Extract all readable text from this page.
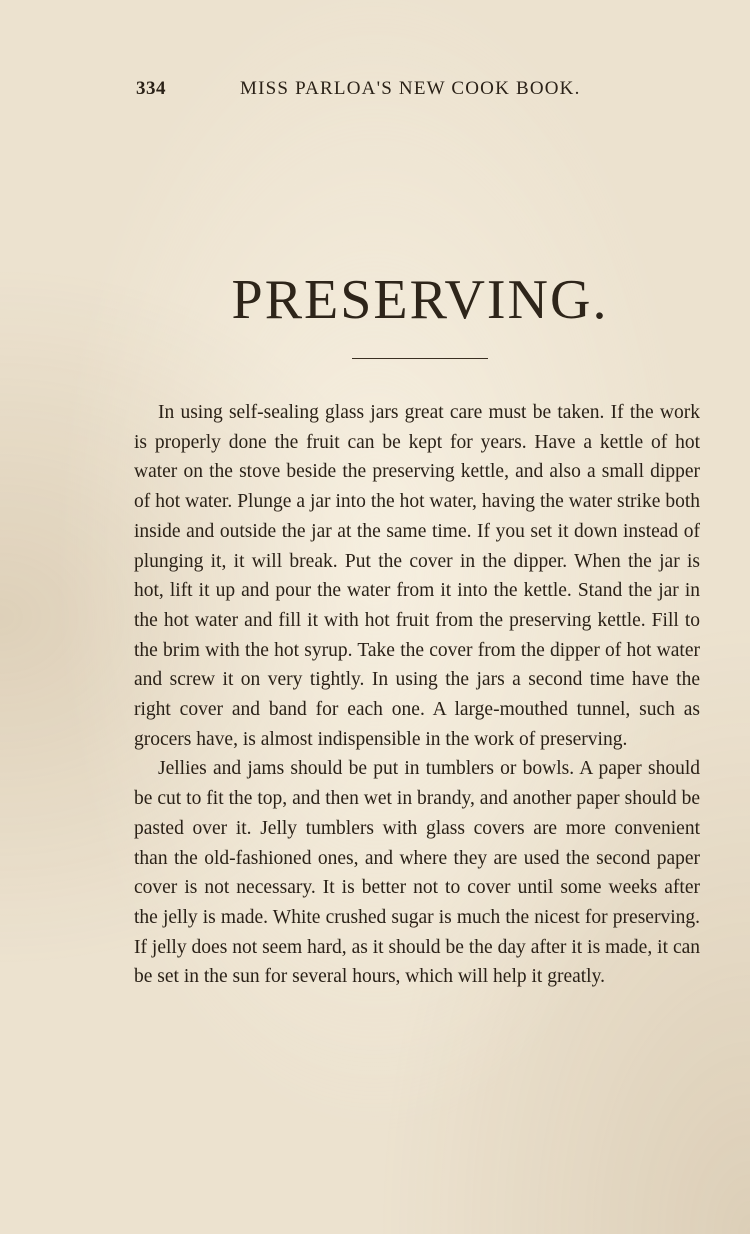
334	MISS PARLOA'S NEW COOK BOOK.
PRESERVING.

In using self-sealing glass jars great care must be taken. If the work is properly done the fruit can be kept for years. Have a kettle of hot water on the stove beside the preserving kettle, and also a small dipper of hot water. Plunge a jar into the hot water, having the water strike both inside and outside the jar at the same time. If you set it down instead of plunging it, it will break. Put the cover in the dipper. When the jar is hot, lift it up and pour the water from it into the kettle. Stand the jar in the hot water and fill it with hot fruit from the preserving kettle. Fill to the brim with the hot syrup. Take the cover from the dipper of hot water and screw it on very tightly. In using the jars a second time have the right cover and band for each one. A large-mouthed tunnel, such as grocers have, is almost indispensible in the work of preserving.

Jellies and jams should be put in tumblers or bowls. A paper should be cut to fit the top, and then wet in brandy, and another paper should be pasted over it. Jelly tumblers with glass covers are more convenient than the old-fashioned ones, and where they are used the second paper cover is not necessary. It is better not to cover until some weeks after the jelly is made. White crushed sugar is much the nicest for preserving. If jelly does not seem hard, as it should be the day after it is made, it can be set in the sun for several hours, which will help it greatly.
